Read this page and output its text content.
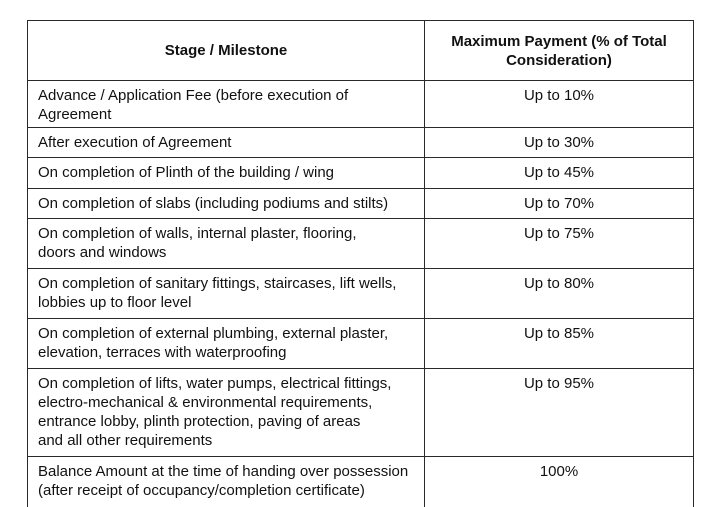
Stage / Milestone	Maximum Payment (% of Total Consideration)
Advance / Application Fee (before execution of Agreement	Up to 10%
After execution of Agreement	Up to 30%
On completion of Plinth of the building / wing	Up to 45%
On completion of slabs (including podiums and stilts)	Up to 70%
On completion of walls, internal plaster, flooring,
doors and windows	Up to 75%
On completion of sanitary fittings, staircases, lift wells,
lobbies up to floor level	Up to 80%
On completion of external plumbing, external plaster,
elevation, terraces with waterproofing	Up to 85%
On completion of lifts, water pumps, electrical fittings,
electro-mechanical & environmental requirements,
entrance lobby, plinth protection, paving of areas
and all other requirements	Up to 95%
Balance Amount at the time of handing over possession
(after receipt of occupancy/completion certificate)	100%
